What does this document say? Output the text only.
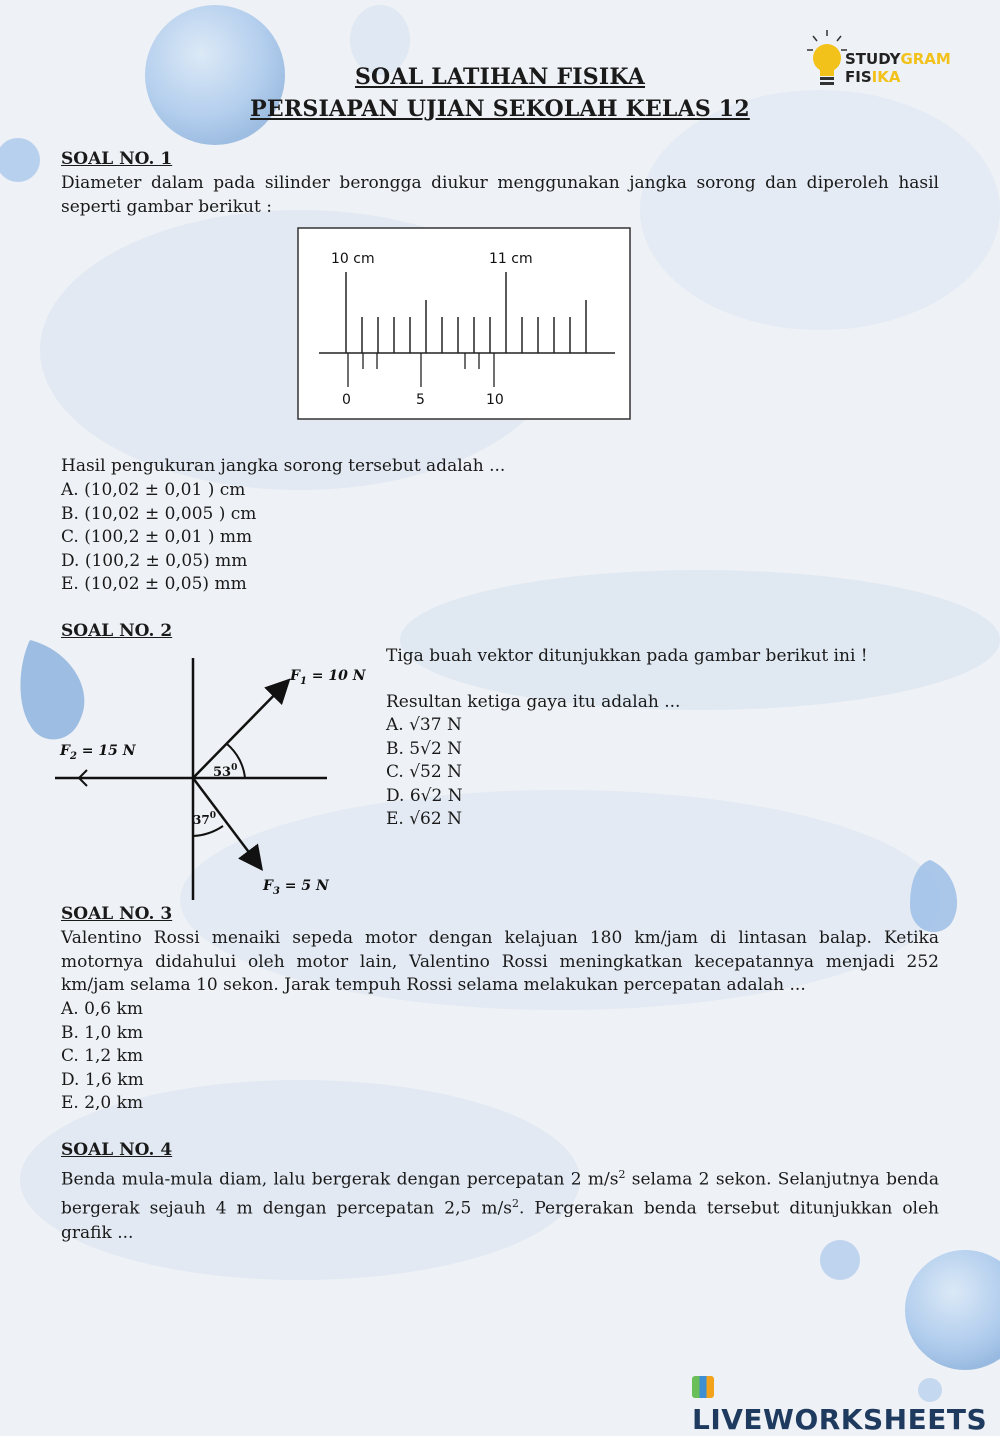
STUDYGRAM
FISIKA
SOAL LATIHAN FISIKA
PERSIAPAN UJIAN SEKOLAH KELAS 12
SOAL NO. 1
Diameter dalam pada silinder berongga diukur menggunakan jangka sorong dan diperoleh hasil seperti gambar berikut :
10 cm	11 cm
0	5	10
Hasil pengukuran jangka sorong tersebut adalah ...
A. (10,02 ± 0,01 ) cm
B. (10,02 ± 0,005 ) cm
C. (100,2 ± 0,01 ) mm
D. (100,2 ± 0,05) mm
E. (10,02 ± 0,05) mm
SOAL NO. 2
$F_1 = 10$ N
$F_2 = 15$ N
$F_3 = 5$ N
$53^0$
$37^0$
Tiga buah vektor ditunjukkan pada gambar berikut ini !
Resultan ketiga gaya itu adalah ...
A. √37 N
B. 5√2 N
C. √52 N
D. 6√2 N
E. √62 N
SOAL NO. 3
Valentino Rossi menaiki sepeda motor dengan kelajuan 180 km/jam di lintasan balap. Ketika motornya didahului oleh motor lain, Valentino Rossi meningkatkan kecepatannya menjadi 252 km/jam selama 10 sekon. Jarak tempuh Rossi selama melakukan percepatan adalah ...
A. 0,6 km
B. 1,0 km
C. 1,2 km
D. 1,6 km
E. 2,0 km
SOAL NO. 4
Benda mula-mula diam, lalu bergerak dengan percepatan 2 $m/s^2$ selama 2 sekon. Selanjutnya benda bergerak sejauh 4 m dengan percepatan 2,5 $m/s^2$. Pergerakan benda tersebut ditunjukkan oleh grafik ...
LIVEWORKSHEETS
